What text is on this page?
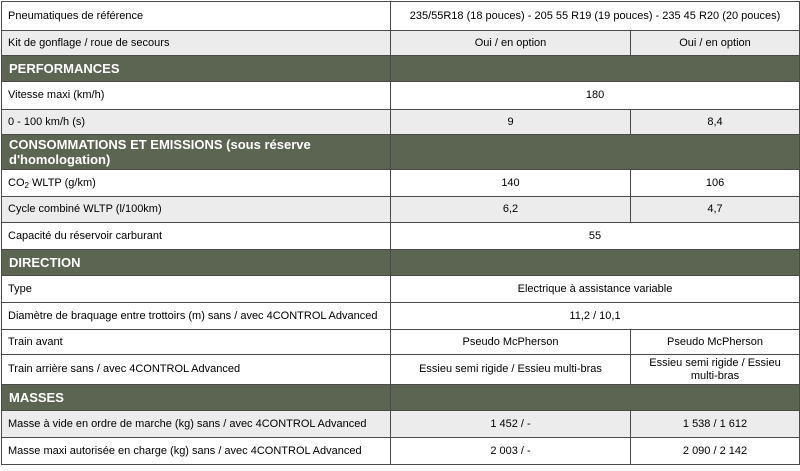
Pneumatiques de référence	235/55R18 (18 pouces) - 205 55 R19 (19 pouces) - 235 45 R20 (20 pouces)	
Kit de gonflage / roue de secours	Oui / en option	Oui / en option
PERFORMANCES		
Vitesse maxi (km/h)	180	
0 - 100 km/h (s)	9	8,4
CONSOMMATIONS ET EMISSIONS (sous réserve d'homologation)		
$CO_2$ WLTP (g/km)	140	106
Cycle combiné WLTP (l/100km)	6,2	4,7
Capacité du réservoir carburant	55	
DIRECTION		
Type	Electrique à assistance variable	
Diamètre de braquage entre trottoirs (m) sans / avec 4CONTROL Advanced	11,2 / 10,1	
Train avant	Pseudo McPherson	Pseudo McPherson
Train arrière sans / avec 4CONTROL Advanced	Essieu semi rigide / Essieu multi-bras	Essieu semi rigide / Essieu multi-bras
MASSES		
Masse à vide en ordre de marche (kg) sans / avec 4CONTROL Advanced	1 452 / -	1 538 / 1 612
Masse maxi autorisée en charge (kg) sans / avec 4CONTROL Advanced	2 003 / -	2 090 / 2 142
